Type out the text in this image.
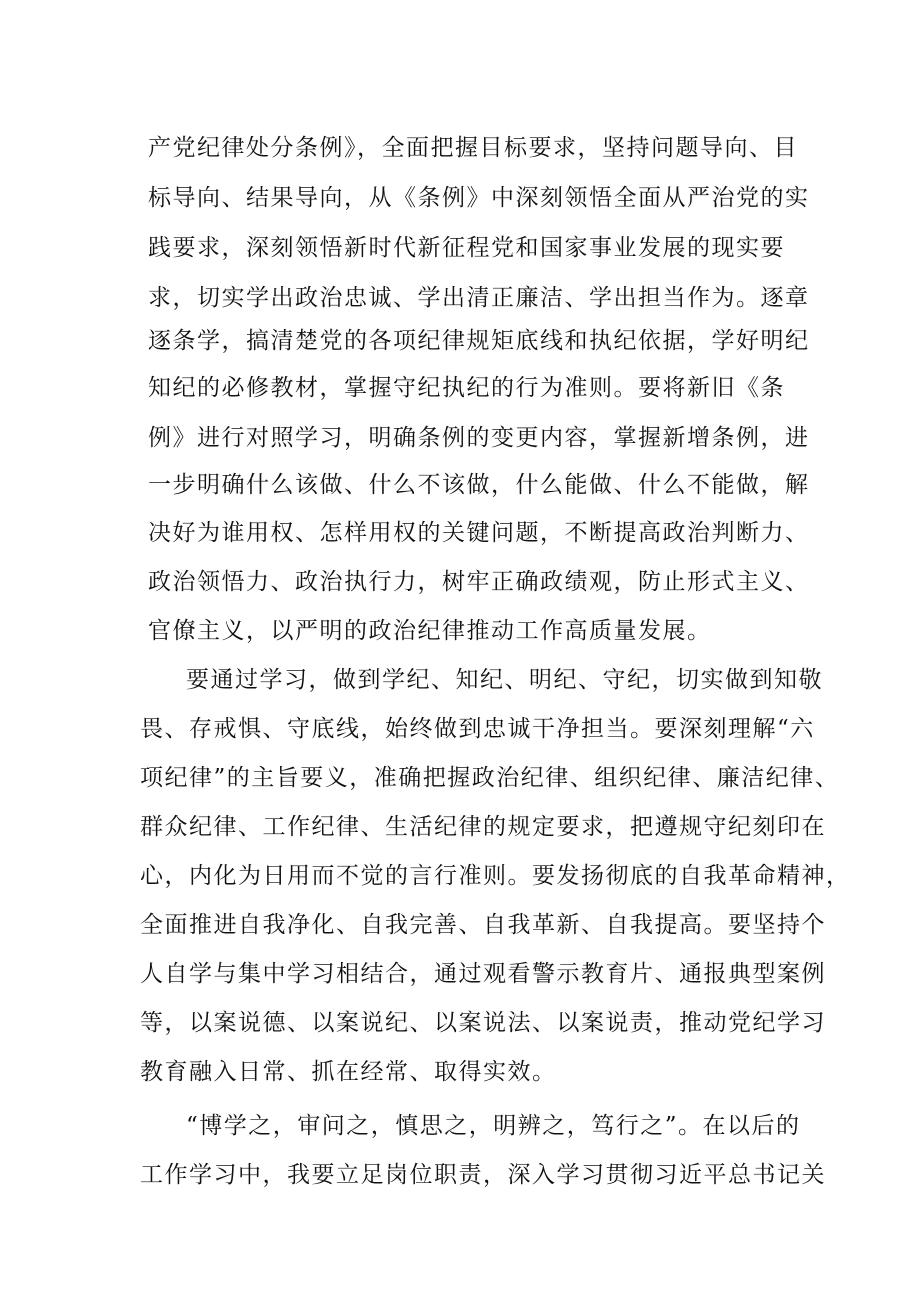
产党纪律处分条例》，全面把握目标要求，坚持问题导向、目
标导向、结果导向，从《条例》中深刻领悟全面从严治党的实
践要求，深刻领悟新时代新征程党和国家事业发展的现实要
求，切实学出政治忠诚、学出清正廉洁、学出担当作为。逐章
逐条学，搞清楚党的各项纪律规矩底线和执纪依据，学好明纪
知纪的必修教材，掌握守纪执纪的行为准则。要将新旧《条
例》进行对照学习，明确条例的变更内容，掌握新增条例，进
一步明确什么该做、什么不该做，什么能做、什么不能做，解
决好为谁用权、怎样用权的关键问题，不断提高政治判断力、
政治领悟力、政治执行力，树牢正确政绩观，防止形式主义、
官僚主义，以严明的政治纪律推动工作高质量发展。
要通过学习，做到学纪、知纪、明纪、守纪，切实做到知敬
畏、存戒惧、守底线，始终做到忠诚干净担当。要深刻理解“六
项纪律”的主旨要义，准确把握政治纪律、组织纪律、廉洁纪律、
群众纪律、工作纪律、生活纪律的规定要求，把遵规守纪刻印在
心，内化为日用而不觉的言行准则。要发扬彻底的自我革命精神，
全面推进自我净化、自我完善、自我革新、自我提高。要坚持个
人自学与集中学习相结合，通过观看警示教育片、通报典型案例
等，以案说德、以案说纪、以案说法、以案说责，推动党纪学习
教育融入日常、抓在经常、取得实效。
“博学之，审问之，慎思之，明辨之，笃行之”。在以后的
工作学习中，我要立足岗位职责，深入学习贯彻习近平总书记关
